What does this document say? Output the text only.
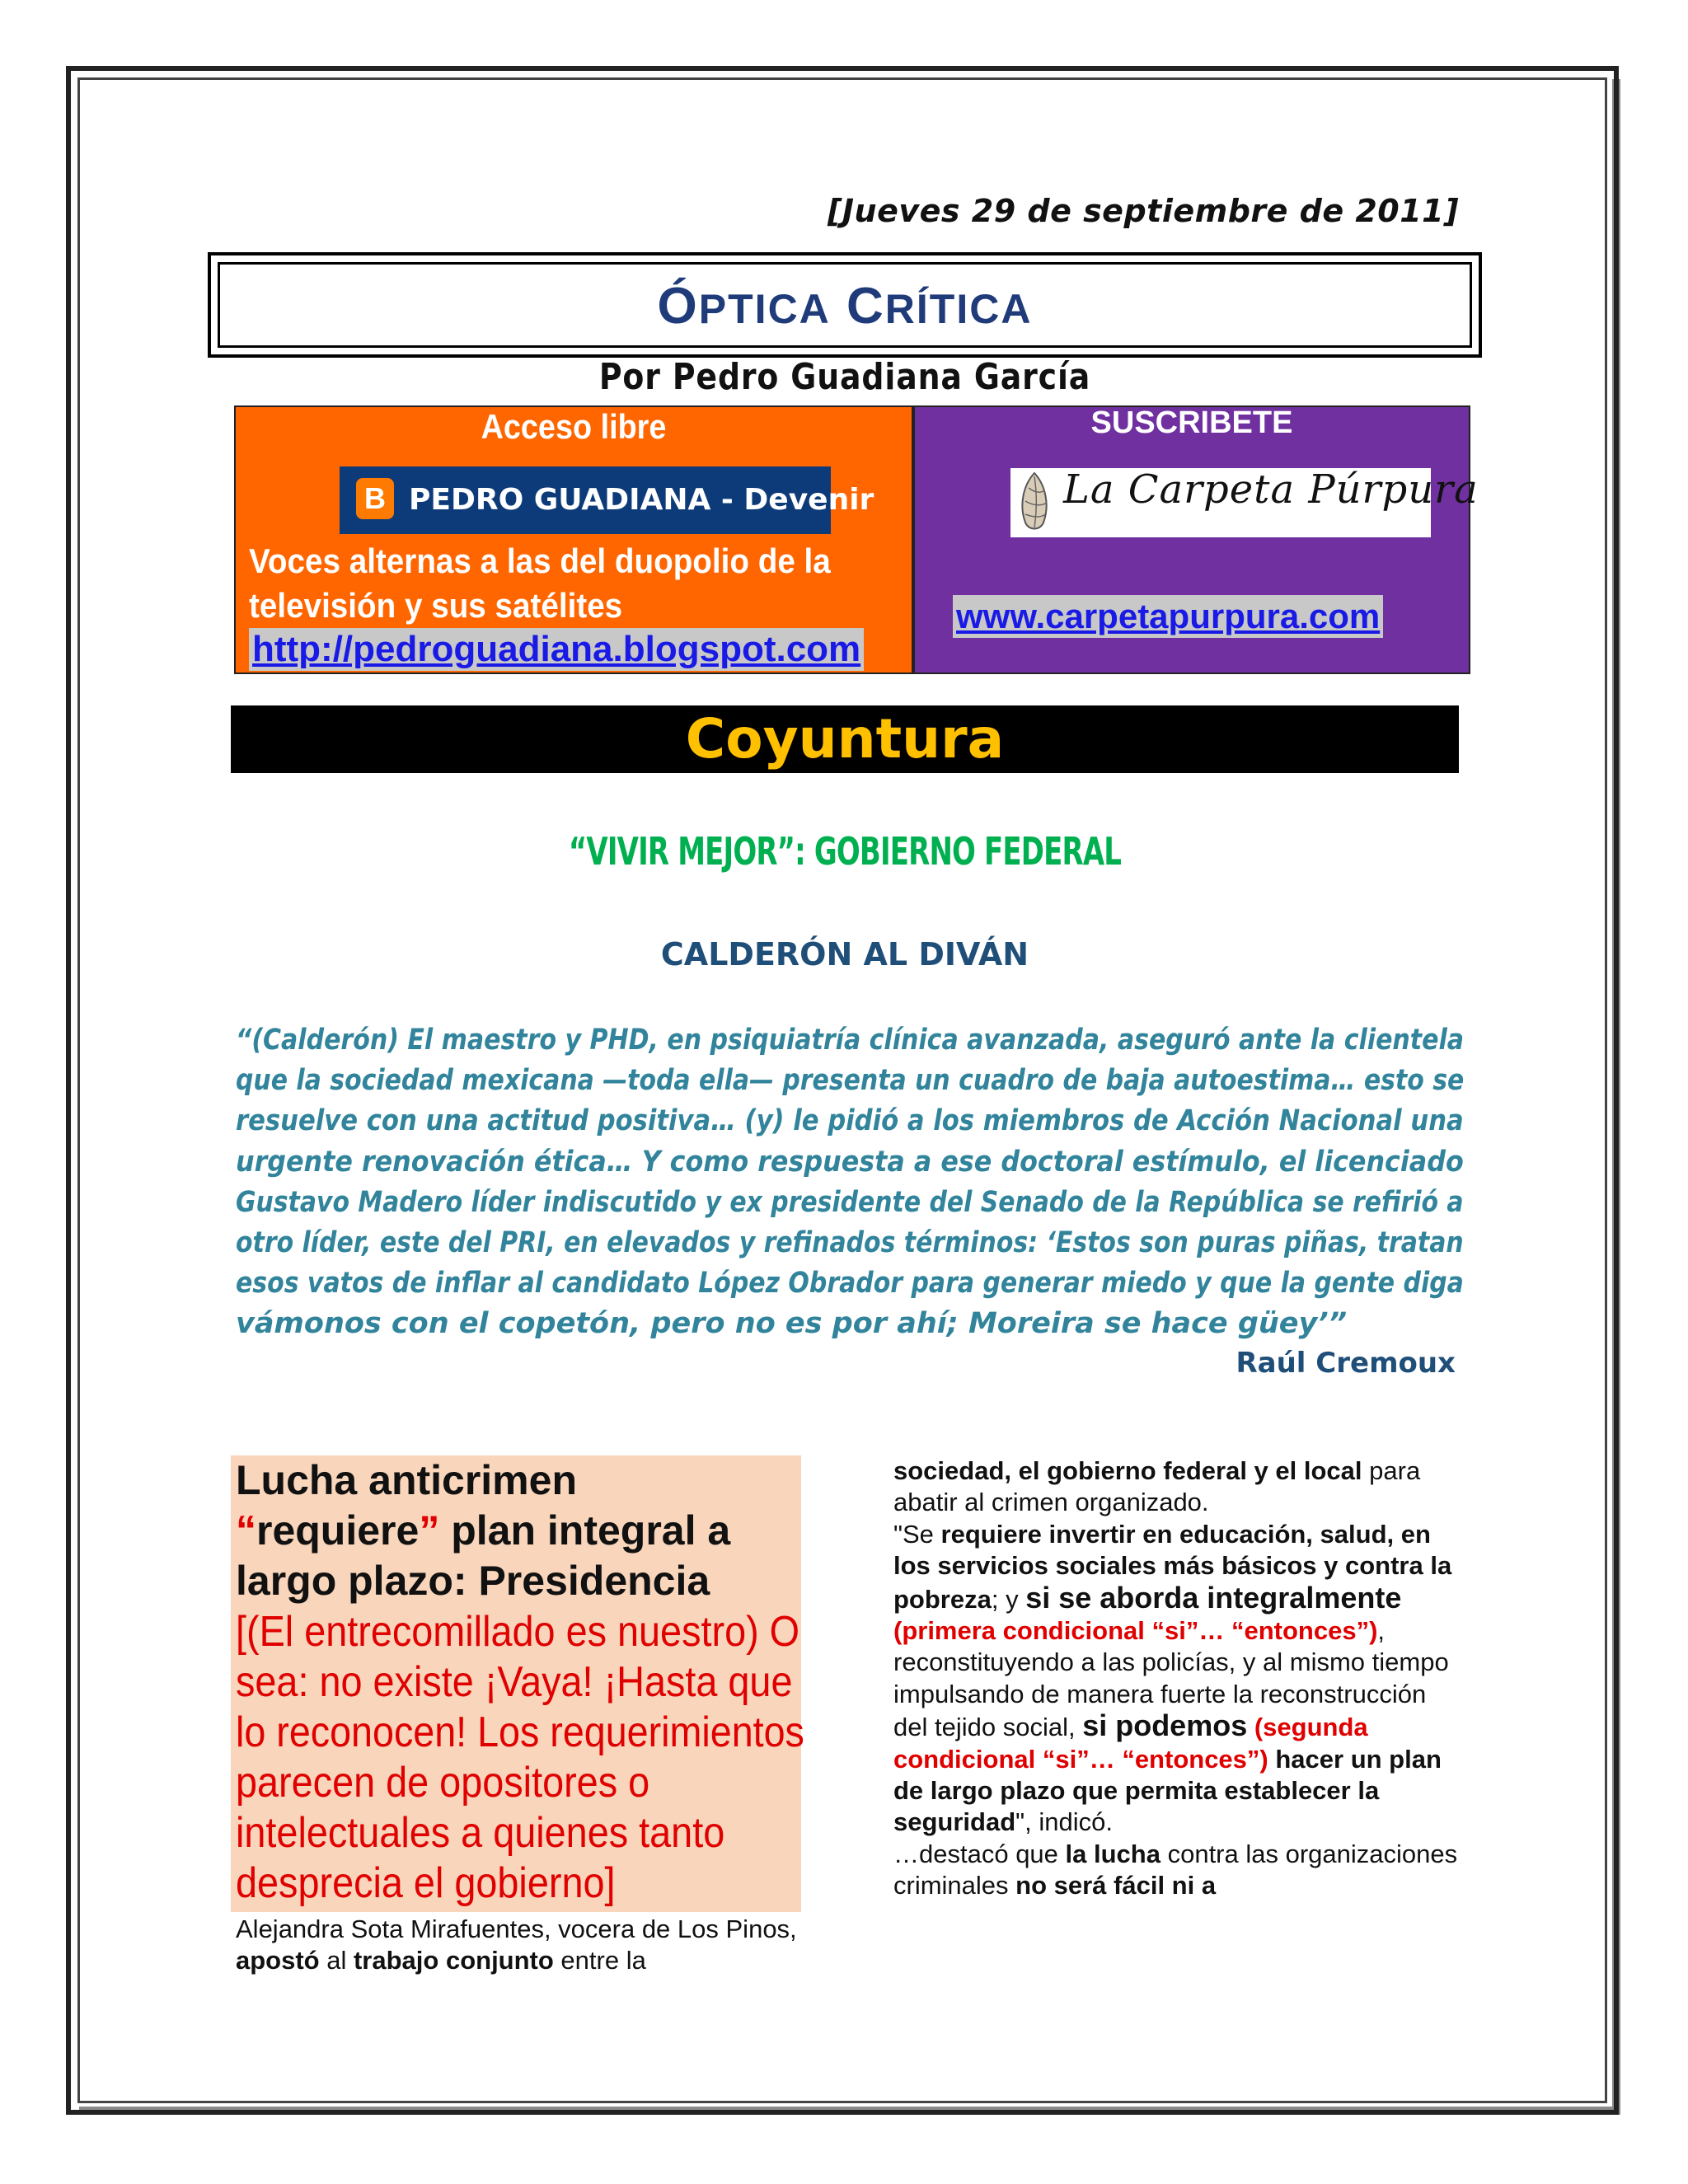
[Jueves 29 de septiembre de 2011]
ÓPTICA CRÍTICA
Por Pedro Guadiana García
Acceso libre
B PEDRO GUADIANA - Devenir
Voces alternas a las del duopolio de la
televisión y sus satélites
http://pedroguadiana.blogspot.com
SUSCRIBETE
La Carpeta Púrpura
www.carpetapurpura.com
Coyuntura
“VIVIR MEJOR”: GOBIERNO FEDERAL
CALDERÓN AL DIVÁN
“(Calderón) El maestro y PHD, en psiquiatría clínica avanzada, aseguró ante la clientela
que la sociedad mexicana —toda ella— presenta un cuadro de baja autoestima… esto se
resuelve con una actitud positiva… (y) le pidió a los miembros de Acción Nacional una
urgente renovación ética… Y como respuesta a ese doctoral estímulo, el licenciado
Gustavo Madero líder indiscutido y ex presidente del Senado de la República se refirió a
otro líder, este del PRI, en elevados y refinados términos: ‘Estos son puras piñas, tratan
esos vatos de inflar al candidato López Obrador para generar miedo y que la gente diga
vámonos con el copetón, pero no es por ahí; Moreira se hace güey’”
Raúl Cremoux
Lucha anticrimen
“requiere” plan integral a
largo plazo: Presidencia
[(El entrecomillado es nuestro) O
sea: no existe ¡Vaya! ¡Hasta que
lo reconocen! Los requerimientos
parecen de opositores o
intelectuales a quienes tanto
desprecia el gobierno]
Alejandra Sota Mirafuentes, vocera de Los Pinos, apostó al trabajo conjunto entre la
sociedad, el gobierno federal y el local para abatir al crimen organizado.
"Se requiere invertir en educación, salud, en los servicios sociales más básicos y contra la pobreza; y si se aborda integralmente (primera condicional “si”… “entonces”), reconstituyendo a las policías, y al mismo tiempo impulsando de manera fuerte la reconstrucción del tejido social, si podemos (segunda condicional “si”… “entonces”) hacer un plan de largo plazo que permita establecer la seguridad", indicó.
…destacó que la lucha contra las organizaciones criminales no será fácil ni a
